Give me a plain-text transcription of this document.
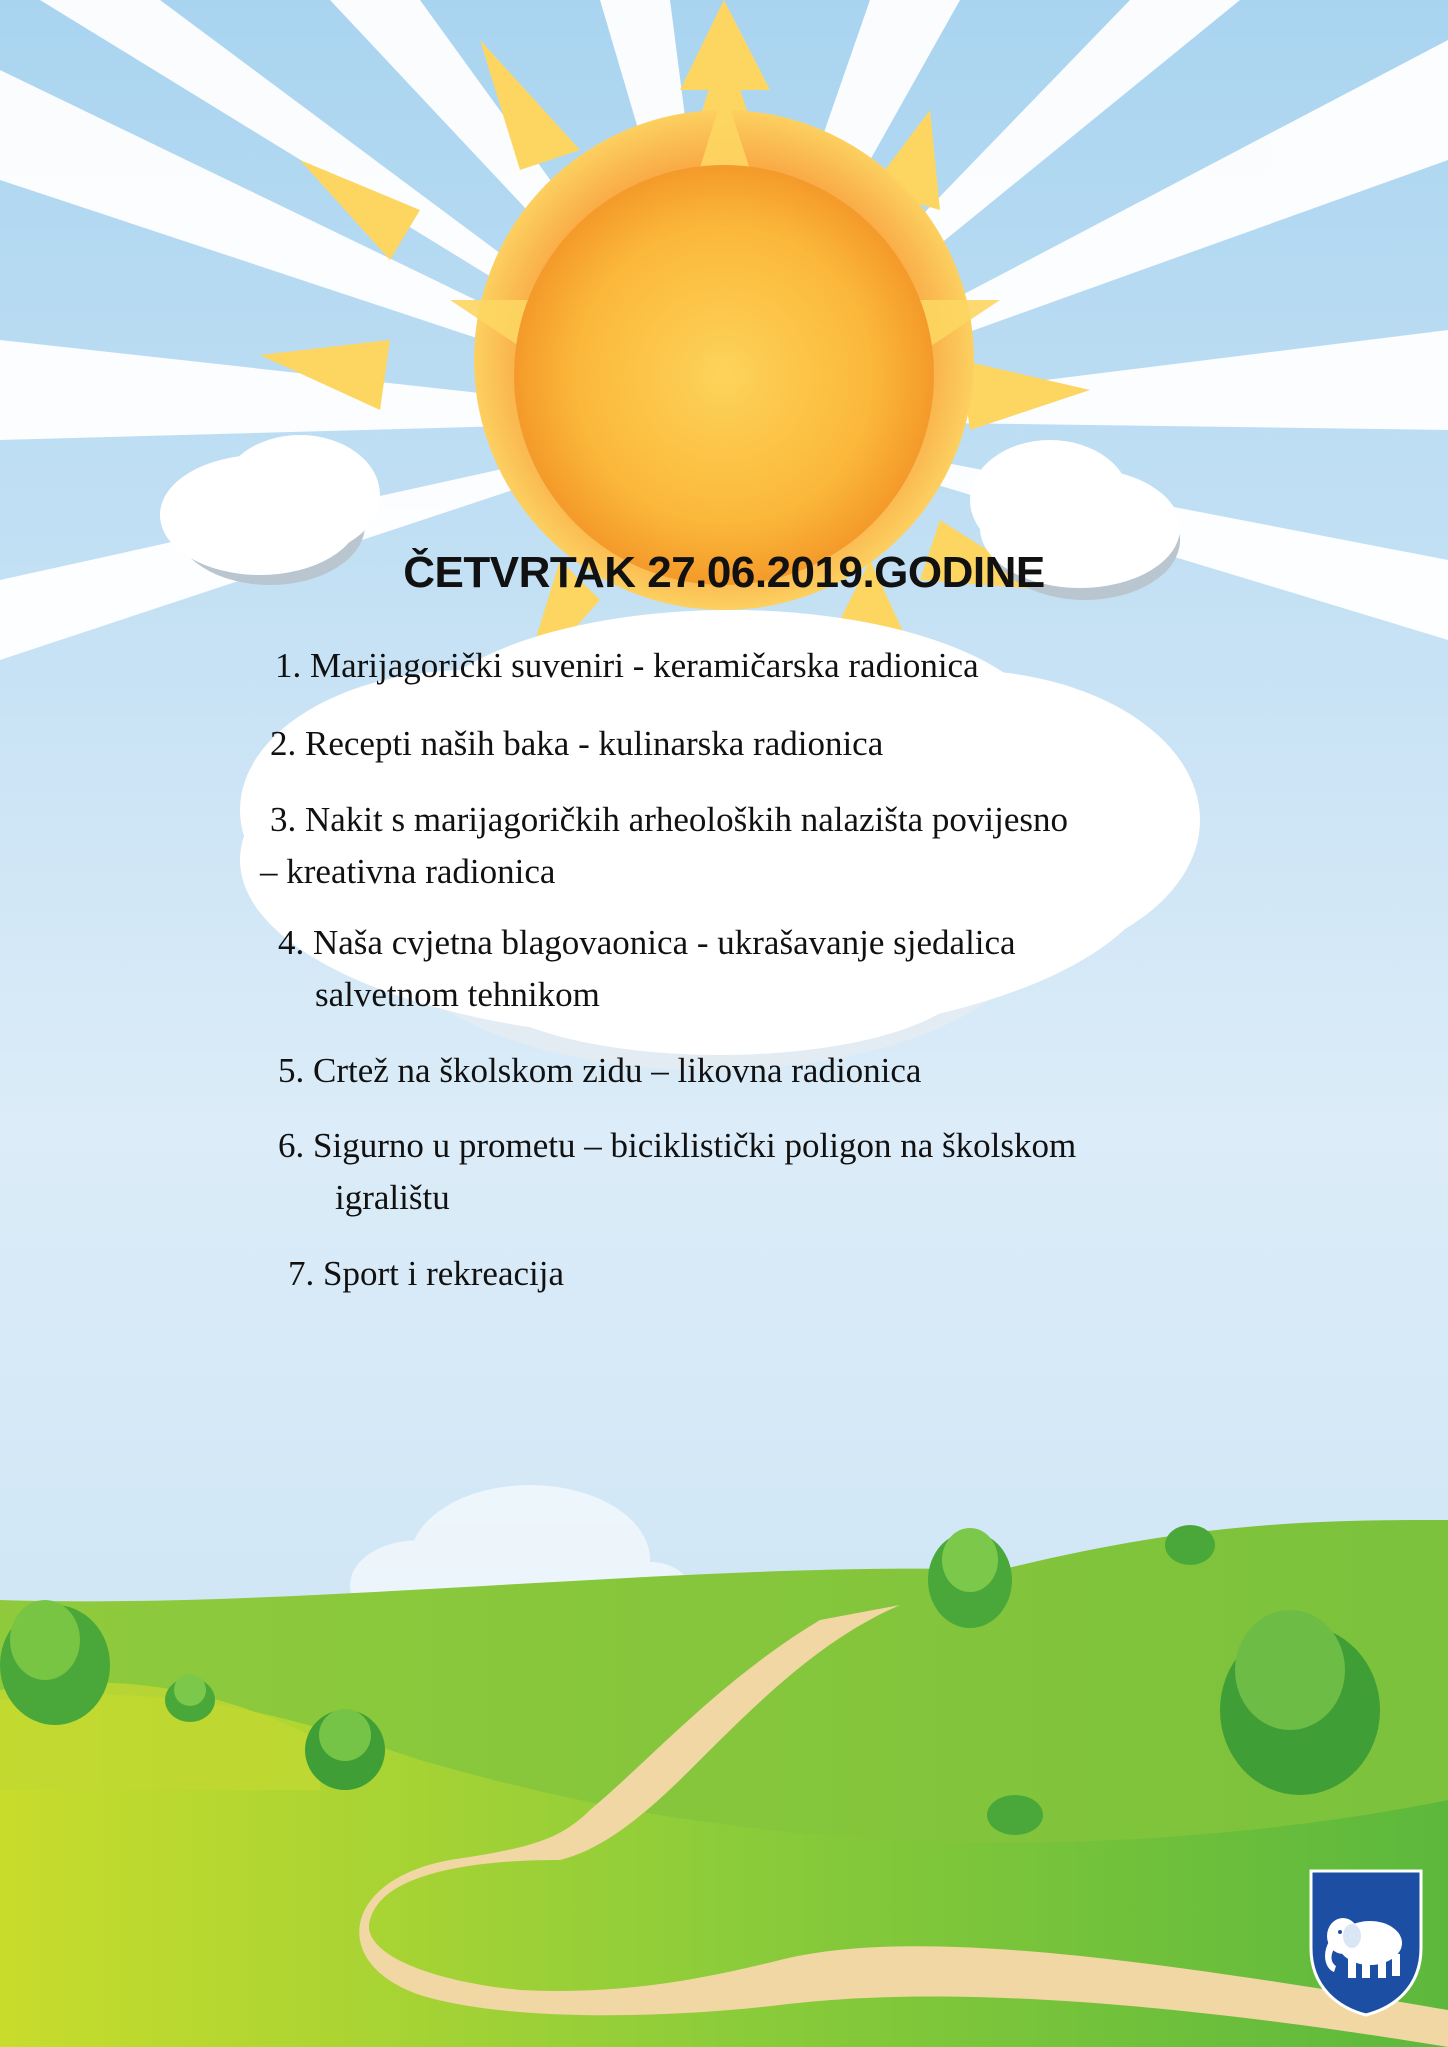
ČETVRTAK 27.06.2019.GODINE
1. Marijagorički suveniri - keramičarska radionica
2. Recepti naših baka - kulinarska radionica
3. Nakit s marijagoričkih arheoloških nalazišta povijesno
– kreativna radionica
4. Naša cvjetna blagovaonica - ukrašavanje sjedalica
salvetnom tehnikom
5. Crtež na školskom zidu – likovna radionica
6. Sigurno u prometu – biciklistički poligon na školskom
igralištu
7. Sport i rekreacija
